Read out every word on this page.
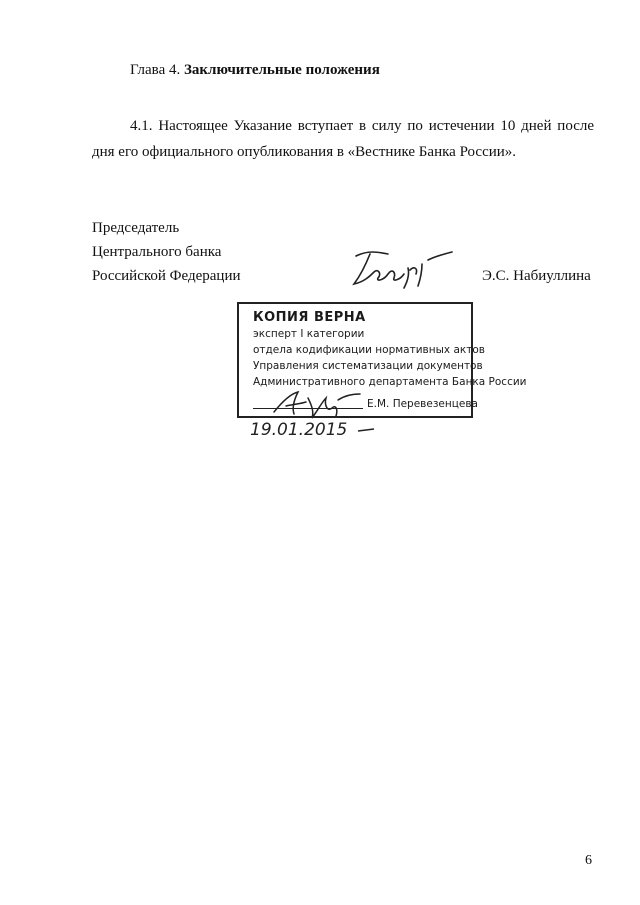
Глава 4. Заключительные положения
4.1. Настоящее Указание вступает в силу по истечении 10 дней после дня его официального опубликования в «Вестнике Банка России».
Председатель
Центрального банка
Российской Федерации	Э.С. Набиуллина
КОПИЯ ВЕРНА
эксперт I категории
отдела кодификации нормативных актов
Управления систематизации документов
Административного департамента Банка России
Е.М. Перевезенцева
19.01.2015
6
